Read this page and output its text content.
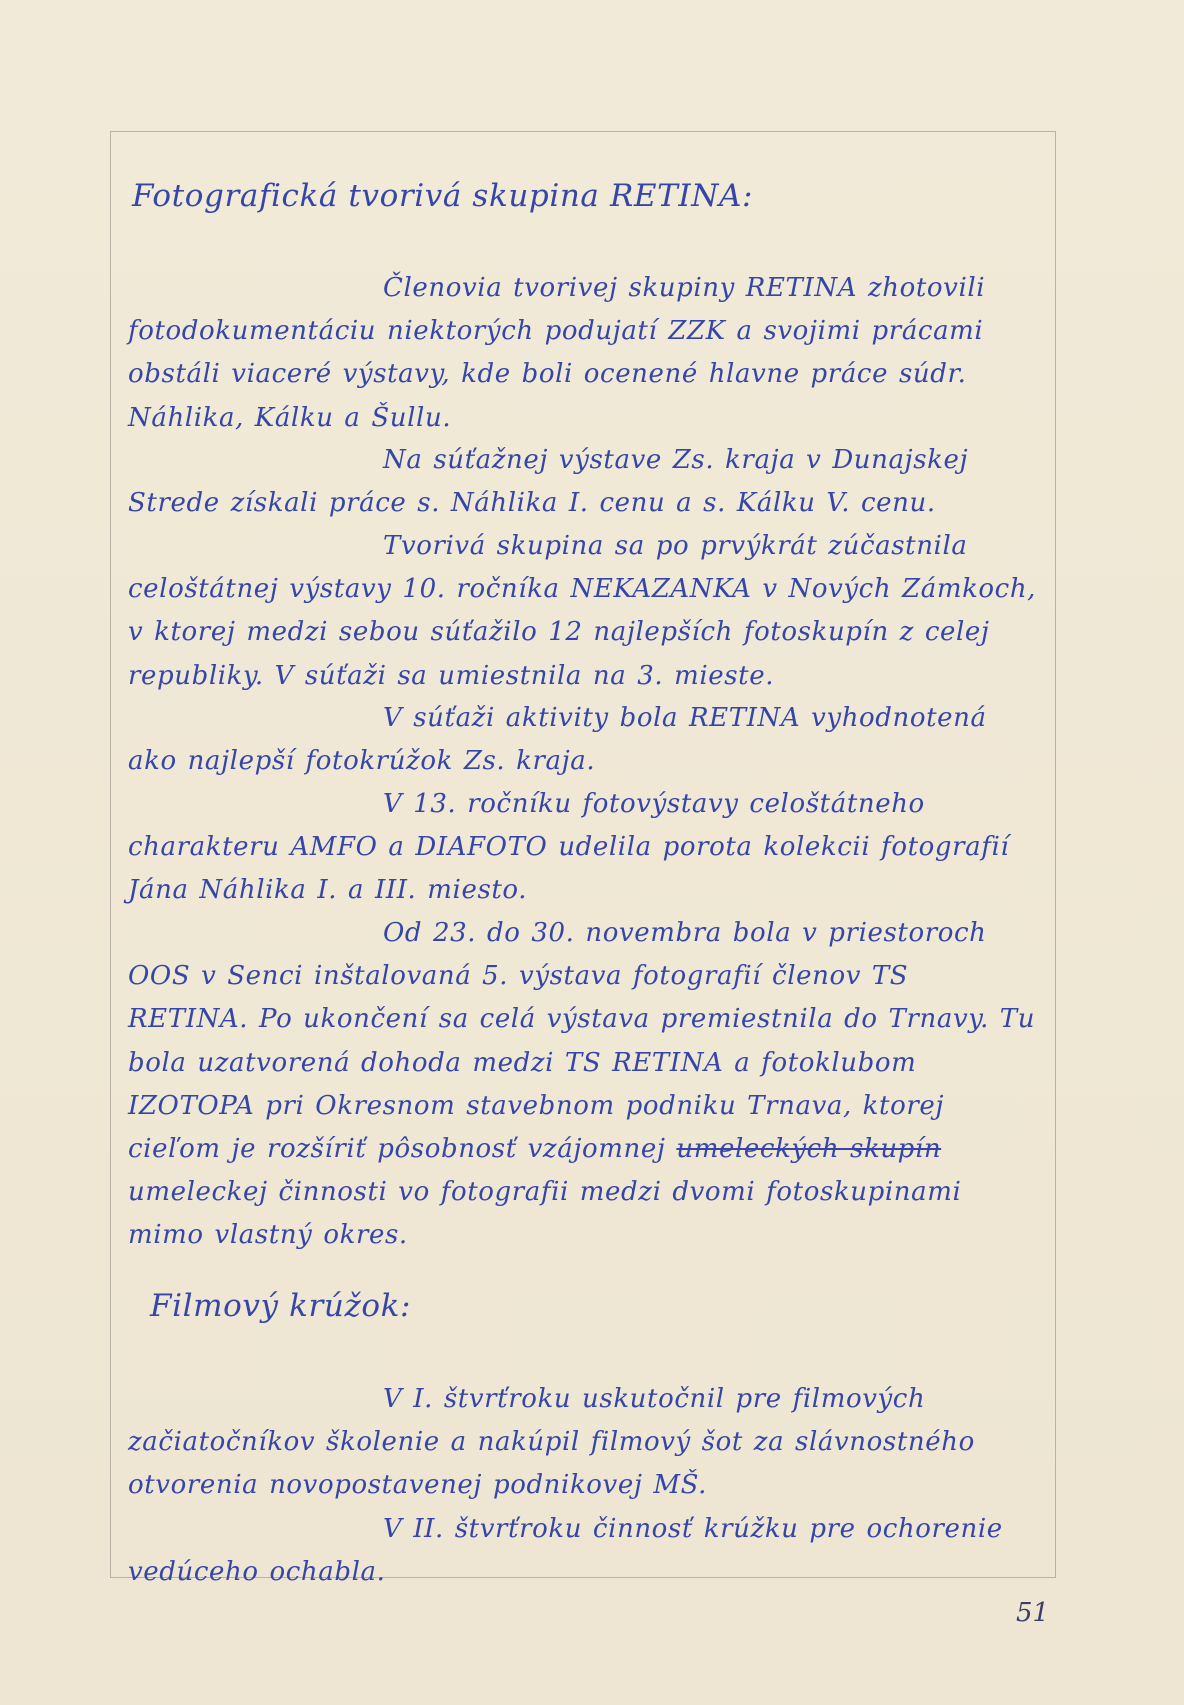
Fotografická tvorivá skupina RETINA:

Členovia tvorivej skupiny RETINA zhotovili fotodokumentáciu niektorých podujatí ZZK a svojimi prácami obstáli viaceré výstavy, kde boli ocenené hlavne práce súdr. Náhlika, Kálku a Šullu.

Na súťažnej výstave Zs. kraja v Dunajskej Strede získali práce s. Náhlika I. cenu a s. Kálku V. cenu.

Tvorivá skupina sa po prvýkrát zúčastnila celoštátnej výstavy 10. ročníka NEKAZANKA v Nových Zámkoch, v ktorej medzi sebou súťažilo 12 najlepších fotoskupín z celej republiky. V súťaži sa umiestnila na 3. mieste.

V súťaži aktivity bola RETINA vyhodnotená ako najlepší fotokrúžok Zs. kraja.

V 13. ročníku fotovýstavy celoštátneho charakteru AMFO a DIAFOTO udelila porota kolekcii fotografií Jána Náhlika I. a III. miesto.

Od 23. do 30. novembra bola v priestoroch OOS v Senci inštalovaná 5. výstava fotografií členov TS RETINA. Po ukončení sa celá výstava premiestnila do Trnavy. Tu bola uzatvorená dohoda medzi TS RETINA a fotoklubom IZOTOPA pri Okresnom stavebnom podniku Trnava, ktorej cieľom je rozšíriť pôsobnosť vzájomnej umeleckých skupín umeleckej činnosti vo fotografii medzi dvomi fotoskupinami mimo vlastný okres.

Filmový krúžok:

V I. štvrťroku uskutočnil pre filmových začiatočníkov školenie a nakúpil filmový šot za slávnostného otvorenia novopostavenej podnikovej MŠ.

V II. štvrťroku činnosť krúžku pre ochorenie vedúceho ochabla.

51
